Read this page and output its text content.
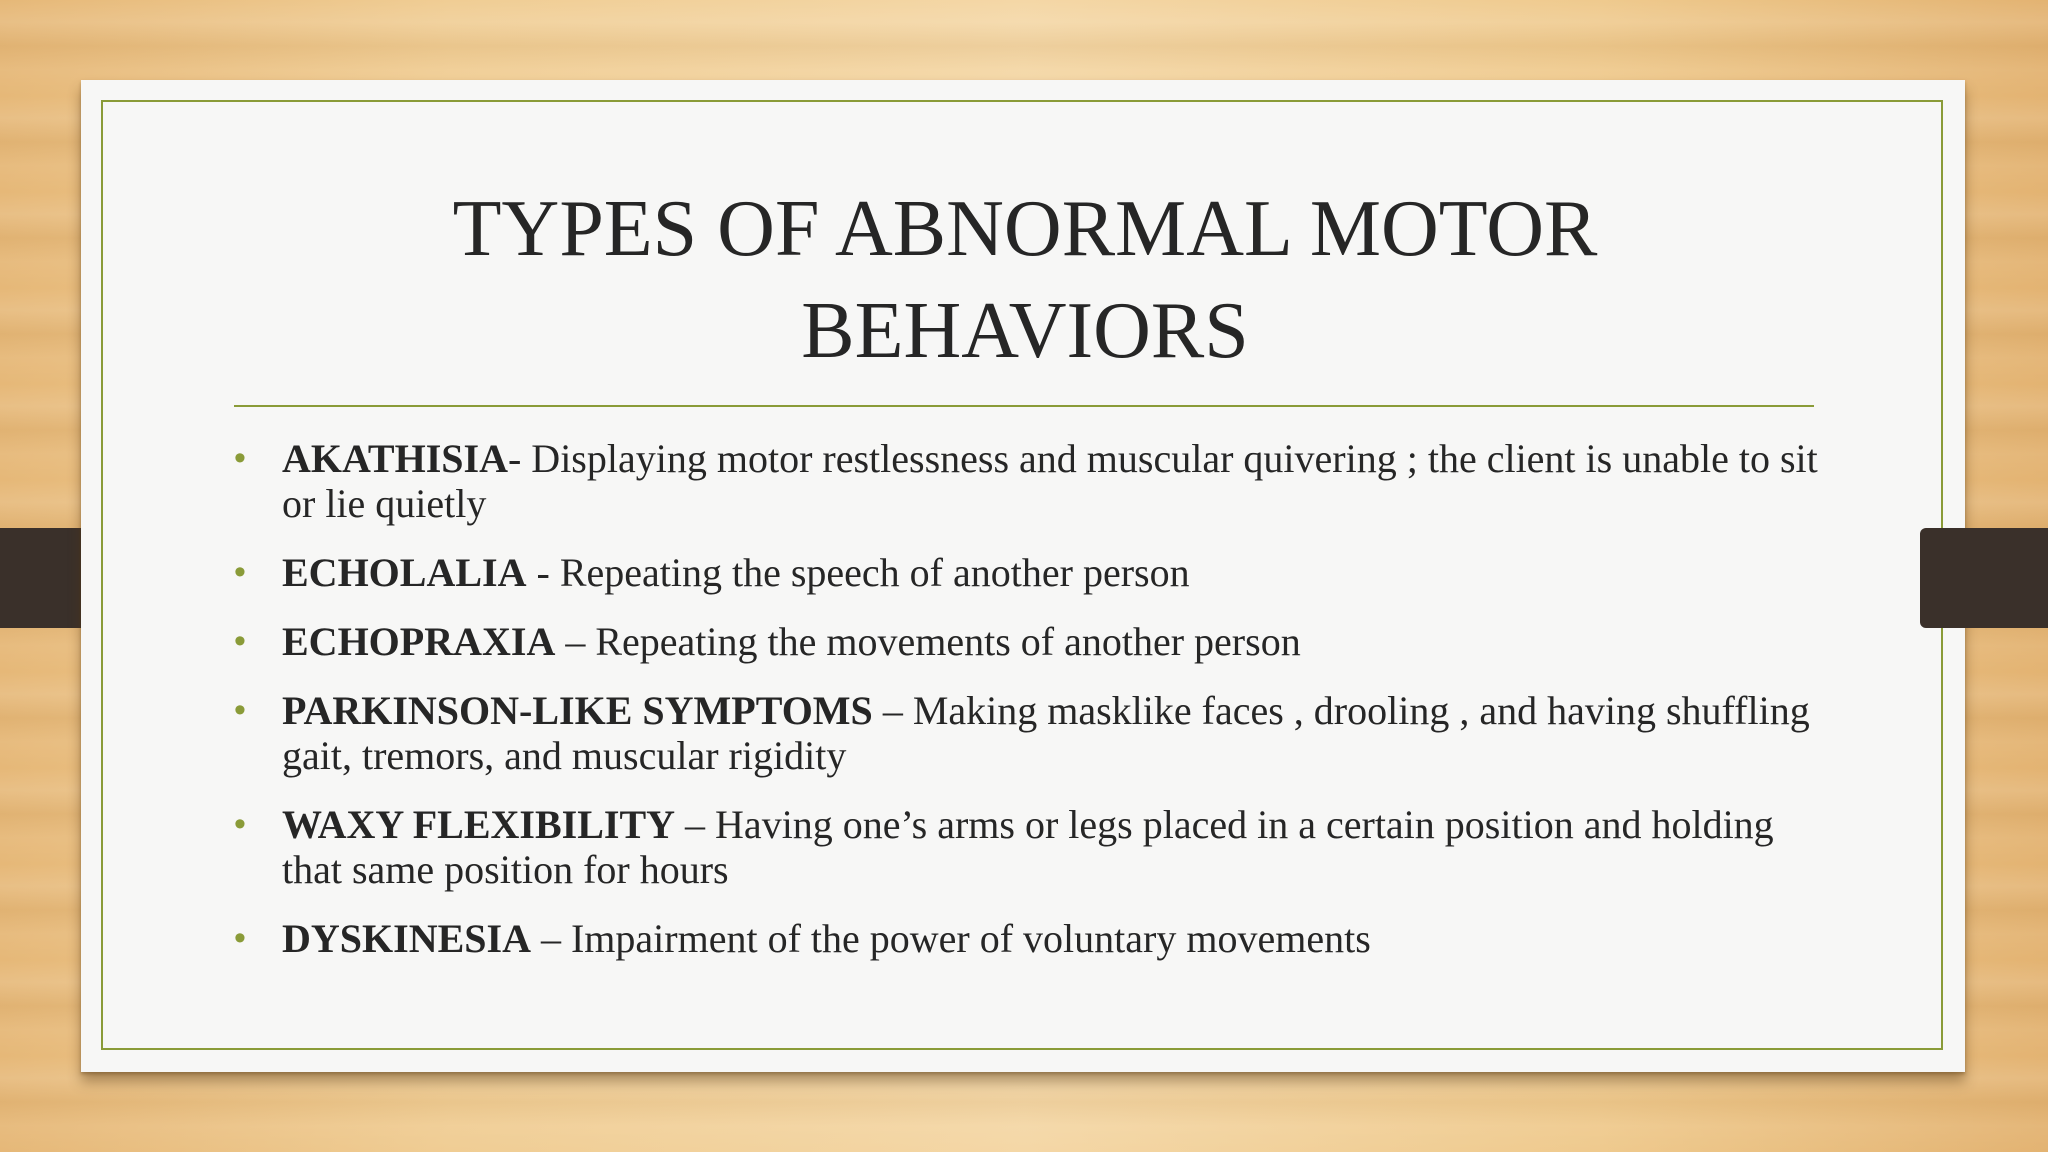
TYPES OF ABNORMAL MOTOR BEHAVIORS
• AKATHISIA- Displaying motor restlessness and muscular quivering ; the client is unable to sit or lie quietly
• ECHOLALIA - Repeating the speech of another person
• ECHOPRAXIA – Repeating the movements of another person
• PARKINSON-LIKE SYMPTOMS – Making masklike faces , drooling , and having shuffling gait, tremors, and muscular rigidity
• WAXY FLEXIBILITY – Having one’s arms or legs placed in a certain position and holding that same position for hours
• DYSKINESIA – Impairment of the power of voluntary movements
